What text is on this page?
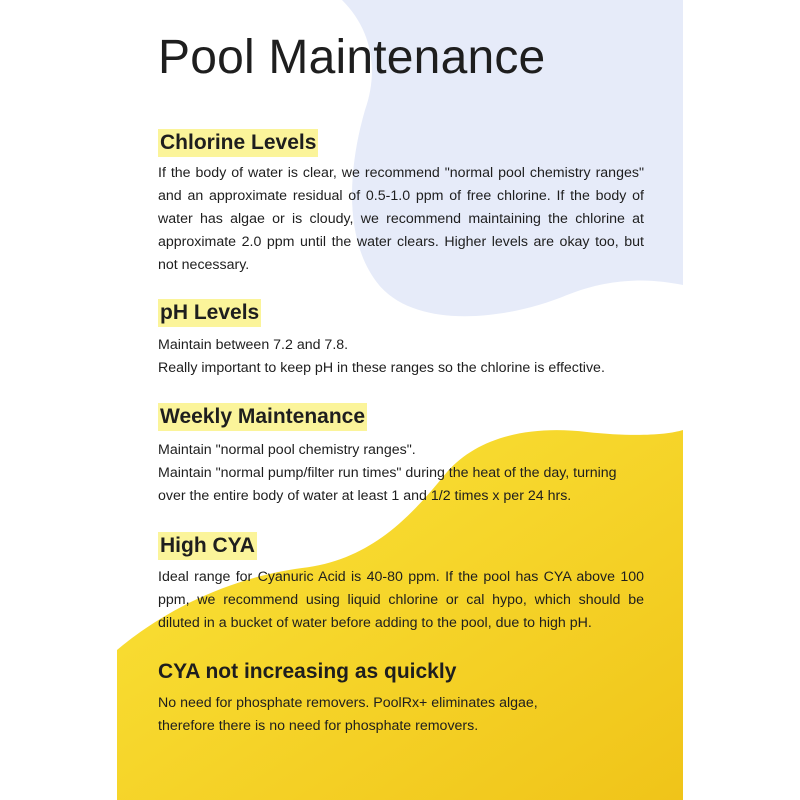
Pool Maintenance
Chlorine Levels

If the body of water is clear, we recommend "normal pool chemistry ranges" and an approximate residual of 0.5-1.0 ppm of free chlorine. If the body of water has algae or is cloudy, we recommend maintaining the chlorine at approximate 2.0 ppm until the water clears. Higher levels are okay too, but not necessary.

pH Levels

Maintain between 7.2 and 7.8.
Really important to keep pH in these ranges so the chlorine is effective.

Weekly Maintenance

Maintain "normal pool chemistry ranges".
Maintain "normal pump/filter run times" during the heat of the day, turning over the entire body of water at least 1 and 1/2 times x per 24 hrs.

High CYA

Ideal range for Cyanuric Acid is 40-80 ppm. If the pool has CYA above 100 ppm, we recommend using liquid chlorine or cal hypo, which should be diluted in a bucket of water before adding to the pool, due to high pH.

CYA not increasing as quickly

No need for phosphate removers. PoolRx+ eliminates algae,
therefore there is no need for phosphate removers.
